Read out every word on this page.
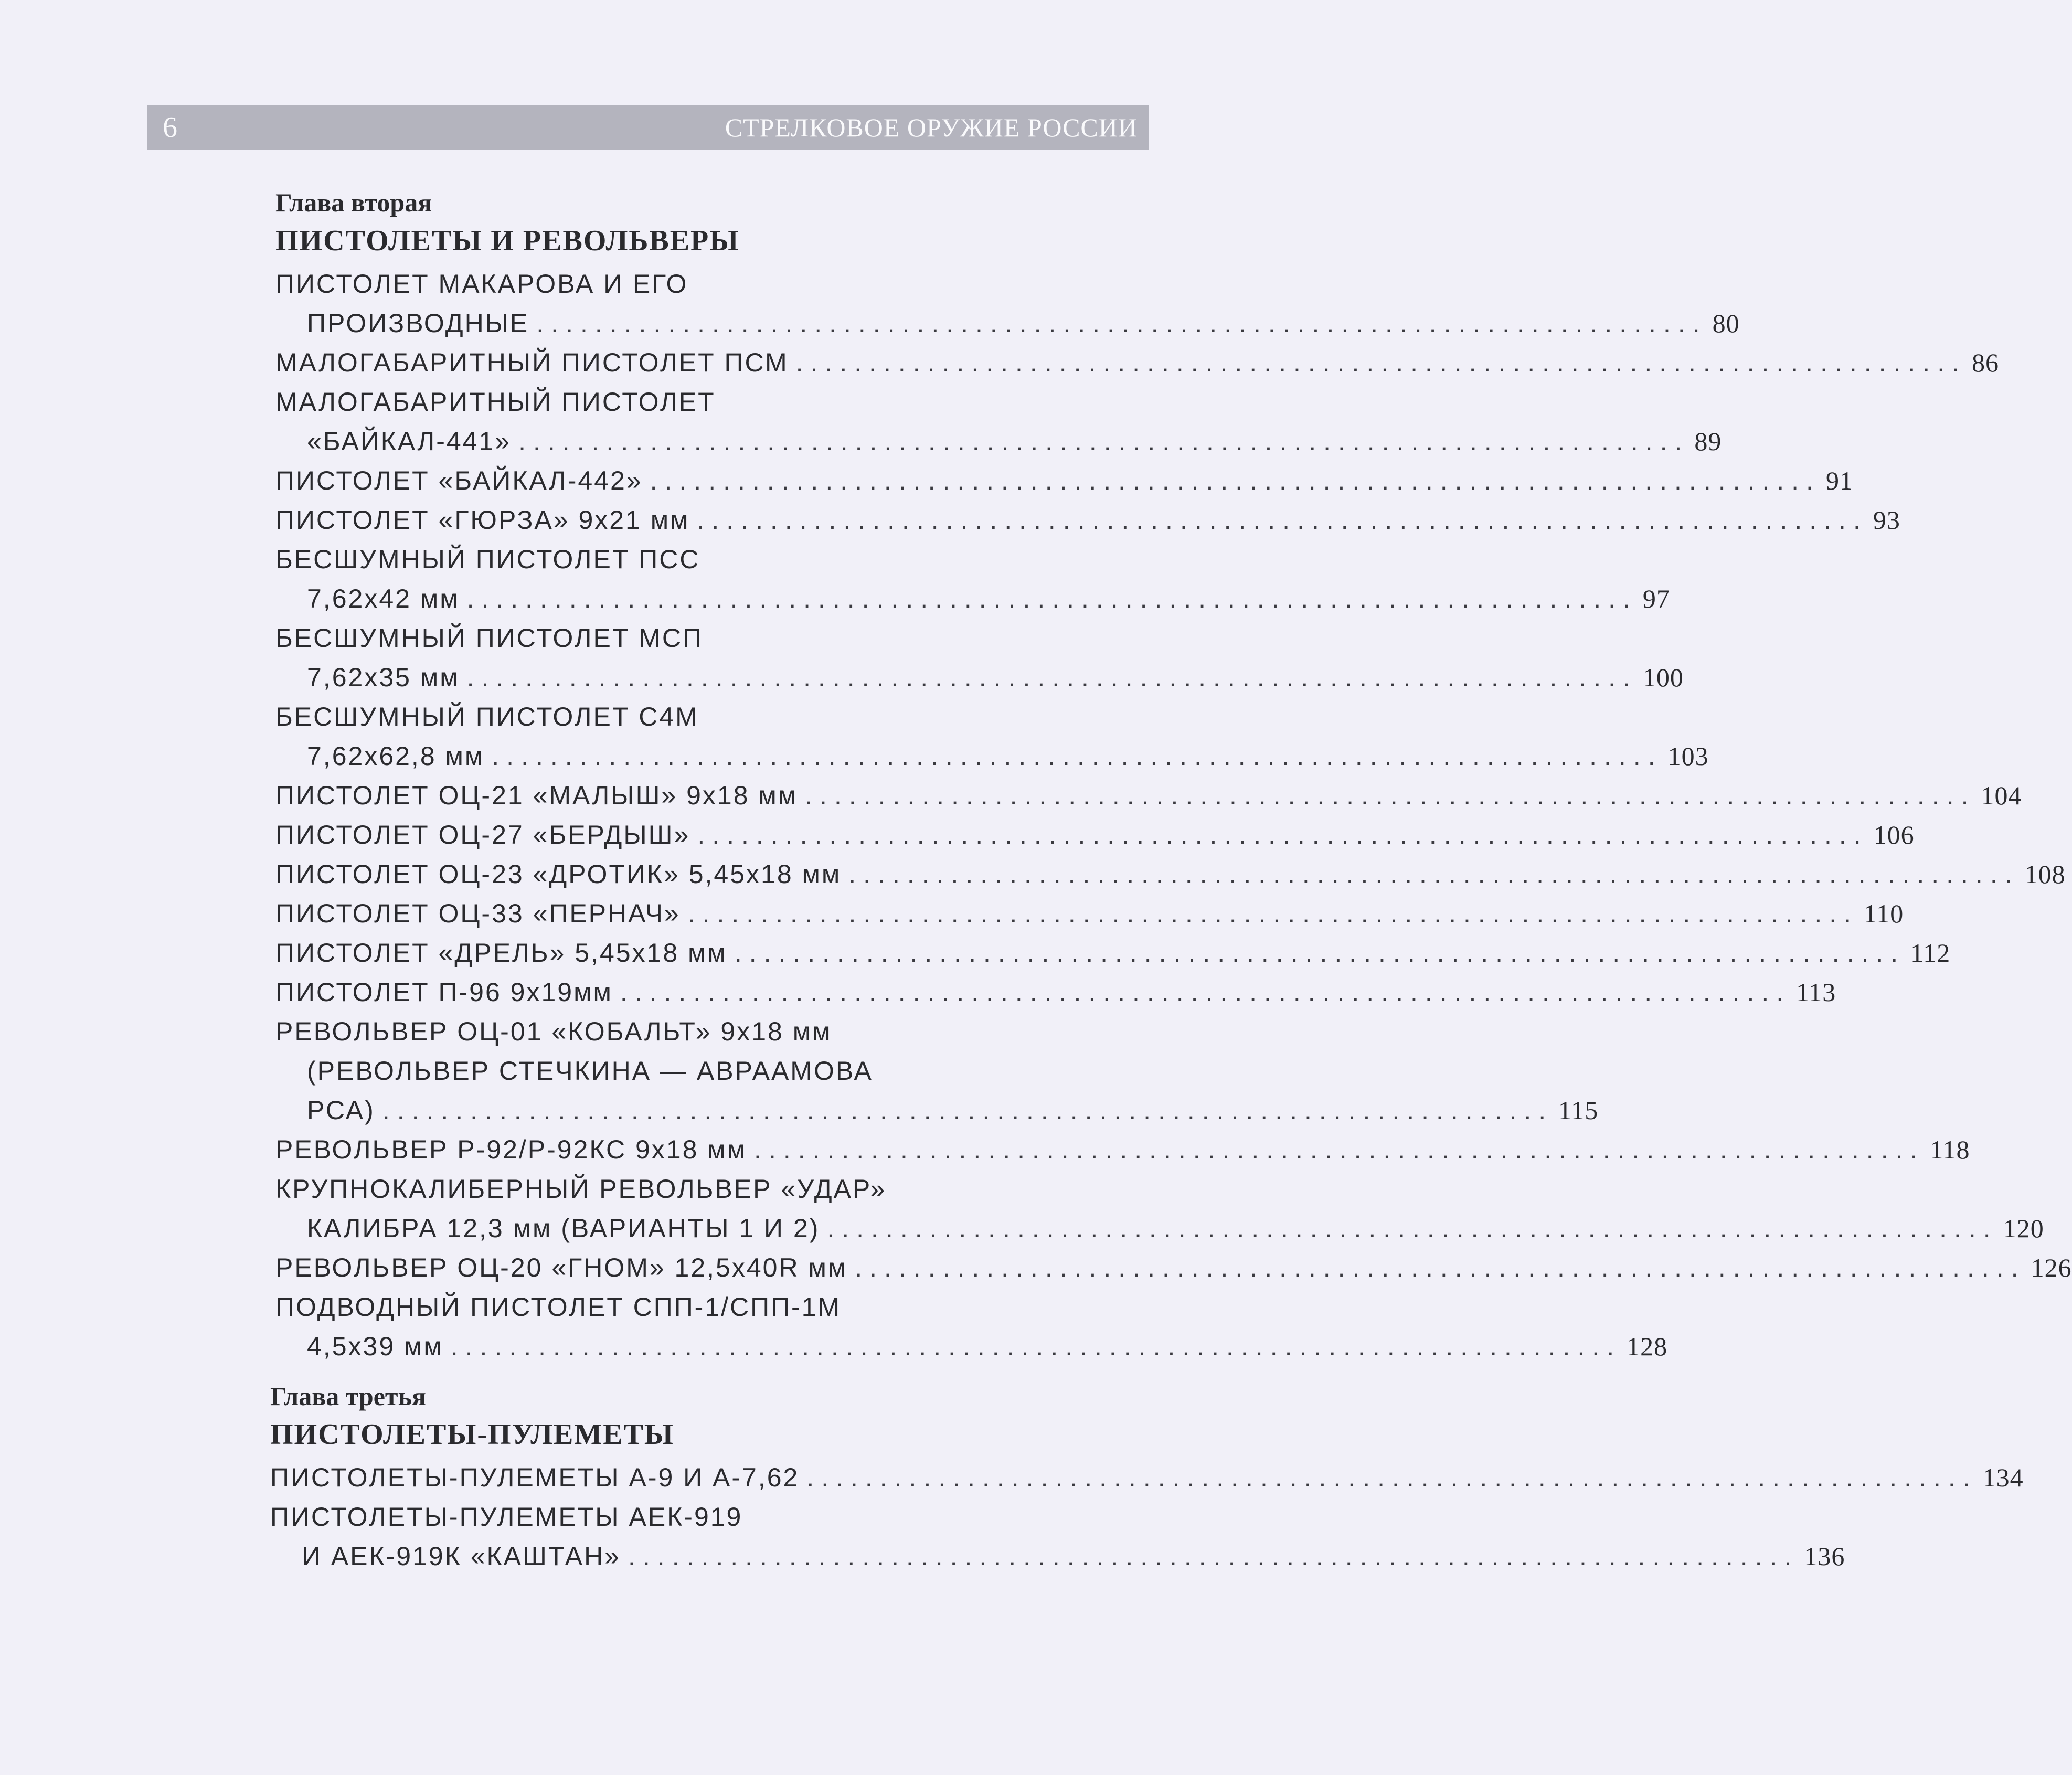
6	СТРЕЛКОВОЕ ОРУЖИЕ РОССИИ
Глава вторая
ПИСТОЛЕТЫ И РЕВОЛЬВЕРЫ
ПИСТОЛЕТ МАКАРОВА И ЕГО
ПРОИЗВОДНЫЕ ................................................................................ 80
МАЛОГАБАРИТНЫЙ ПИСТОЛЕТ ПСМ ................................................................................ 86
МАЛОГАБАРИТНЫЙ ПИСТОЛЕТ
«БАЙКАЛ-441» ................................................................................ 89
ПИСТОЛЕТ «БАЙКАЛ-442» ................................................................................ 91
ПИСТОЛЕТ «ГЮРЗА» 9х21 мм ................................................................................ 93
БЕСШУМНЫЙ ПИСТОЛЕТ ПСС
7,62х42 мм ................................................................................ 97
БЕСШУМНЫЙ ПИСТОЛЕТ МСП
7,62х35 мм ................................................................................ 100
БЕСШУМНЫЙ ПИСТОЛЕТ С4М
7,62х62,8 мм ................................................................................ 103
ПИСТОЛЕТ ОЦ-21 «МАЛЫШ» 9х18 мм ................................................................................ 104
ПИСТОЛЕТ ОЦ-27 «БЕРДЫШ» ................................................................................ 106
ПИСТОЛЕТ ОЦ-23 «ДРОТИК» 5,45х18 мм ................................................................................ 108
ПИСТОЛЕТ ОЦ-33 «ПЕРНАЧ» ................................................................................ 110
ПИСТОЛЕТ «ДРЕЛЬ» 5,45х18 мм ................................................................................ 112
ПИСТОЛЕТ П-96 9х19мм ................................................................................ 113
РЕВОЛЬВЕР ОЦ-01 «КОБАЛЬТ» 9х18 мм
(РЕВОЛЬВЕР СТЕЧКИНА — АВРААМОВА
РСА) ................................................................................ 115
РЕВОЛЬВЕР Р-92/Р-92КС 9х18 мм ................................................................................ 118
КРУПНОКАЛИБЕРНЫЙ РЕВОЛЬВЕР «УДАР»
КАЛИБРА 12,3 мм (ВАРИАНТЫ 1 И 2) ................................................................................ 120
РЕВОЛЬВЕР ОЦ-20 «ГНОМ» 12,5х40R мм ................................................................................ 126
ПОДВОДНЫЙ ПИСТОЛЕТ СПП-1/СПП-1М
4,5х39 мм ................................................................................ 128
Глава третья
ПИСТОЛЕТЫ-ПУЛЕМЕТЫ
ПИСТОЛЕТЫ-ПУЛЕМЕТЫ А-9 И А-7,62 ................................................................................ 134
ПИСТОЛЕТЫ-ПУЛЕМЕТЫ АЕК-919
И АЕК-919К «КАШТАН» ................................................................................ 136
